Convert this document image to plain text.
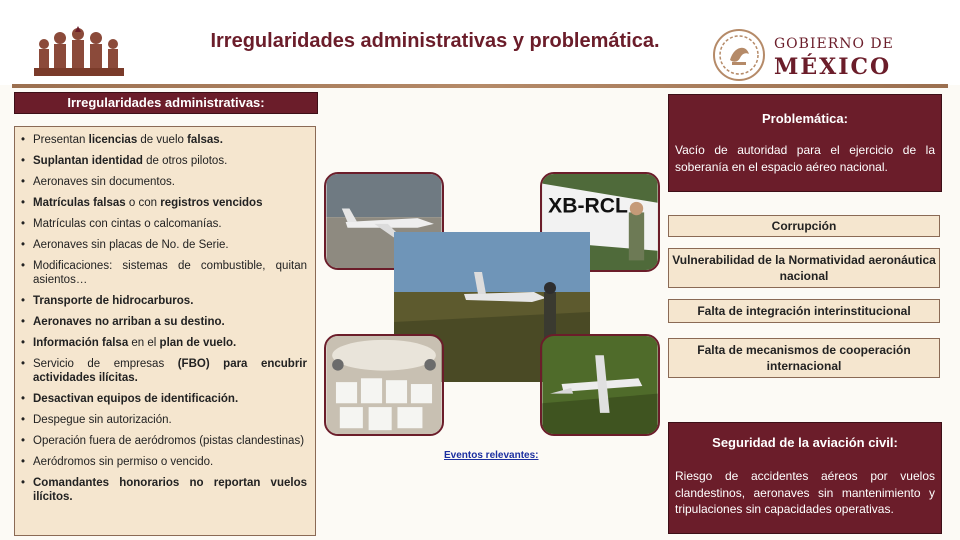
Irregularidades administrativas y problemática.	GOBIERNO DE
MÉXICO
Irregularidades administrativas:
• Presentan licencias de vuelo falsas.
• Suplantan identidad de otros pilotos.
• Aeronaves sin documentos.
• Matrículas falsas o con registros vencidos
• Matrículas con cintas o calcomanías.
• Aeronaves sin placas de No. de Serie.
• Modificaciones: sistemas de combustible, quitan asientos…
• Transporte de hidrocarburos.
• Aeronaves no arriban a su destino.
• Información falsa en el plan de vuelo.
• Servicio de empresas (FBO) para encubrir actividades ilícitas.
• Desactivan equipos de identificación.
• Despegue sin autorización.
• Operación fuera de aeródromos (pistas clandestinas)
• Aeródromos sin permiso o vencido.
• Comandantes honorarios no reportan vuelos ilícitos.
XB-RCL
Eventos relevantes:
Problemática:
Vacío de autoridad para el ejercicio de la soberanía en el espacio aéreo nacional.
Corrupción
Vulnerabilidad de la Normatividad aeronáutica nacional
Falta de integración interinstitucional
Falta de mecanismos de cooperación internacional
Seguridad de la aviación civil:
Riesgo de accidentes aéreos por vuelos clandestinos, aeronaves sin mantenimiento y tripulaciones sin capacidades operativas.
